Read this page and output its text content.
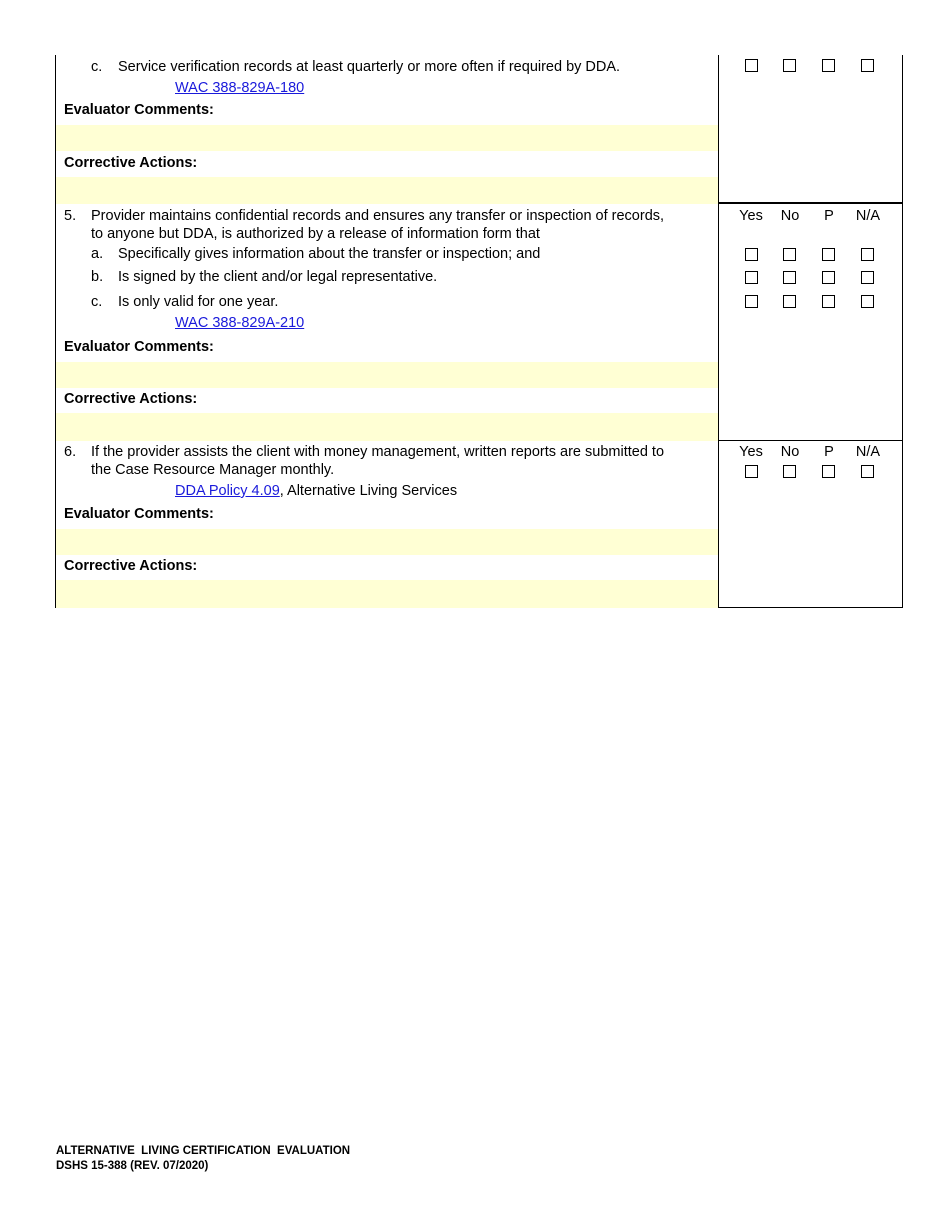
c. Service verification records at least quarterly or more often if required by DDA.
WAC 388-829A-180
Evaluator Comments:
Corrective Actions:
5. Provider maintains confidential records and ensures any transfer or inspection of records,
to anyone but DDA, is authorized by a release of information form that
a. Specifically gives information about the transfer or inspection; and
b. Is signed by the client and/or legal representative.
c. Is only valid for one year.
WAC 388-829A-210
Evaluator Comments:
Corrective Actions:
Yes	No	P	N/A
6. If the provider assists the client with money management, written reports are submitted to
the Case Resource Manager monthly.
DDA Policy 4.09, Alternative Living Services
Evaluator Comments:
Corrective Actions:
Yes	No	P	N/A
ALTERNATIVE  LIVING CERTIFICATION  EVALUATION
DSHS 15-388 (REV. 07/2020)
